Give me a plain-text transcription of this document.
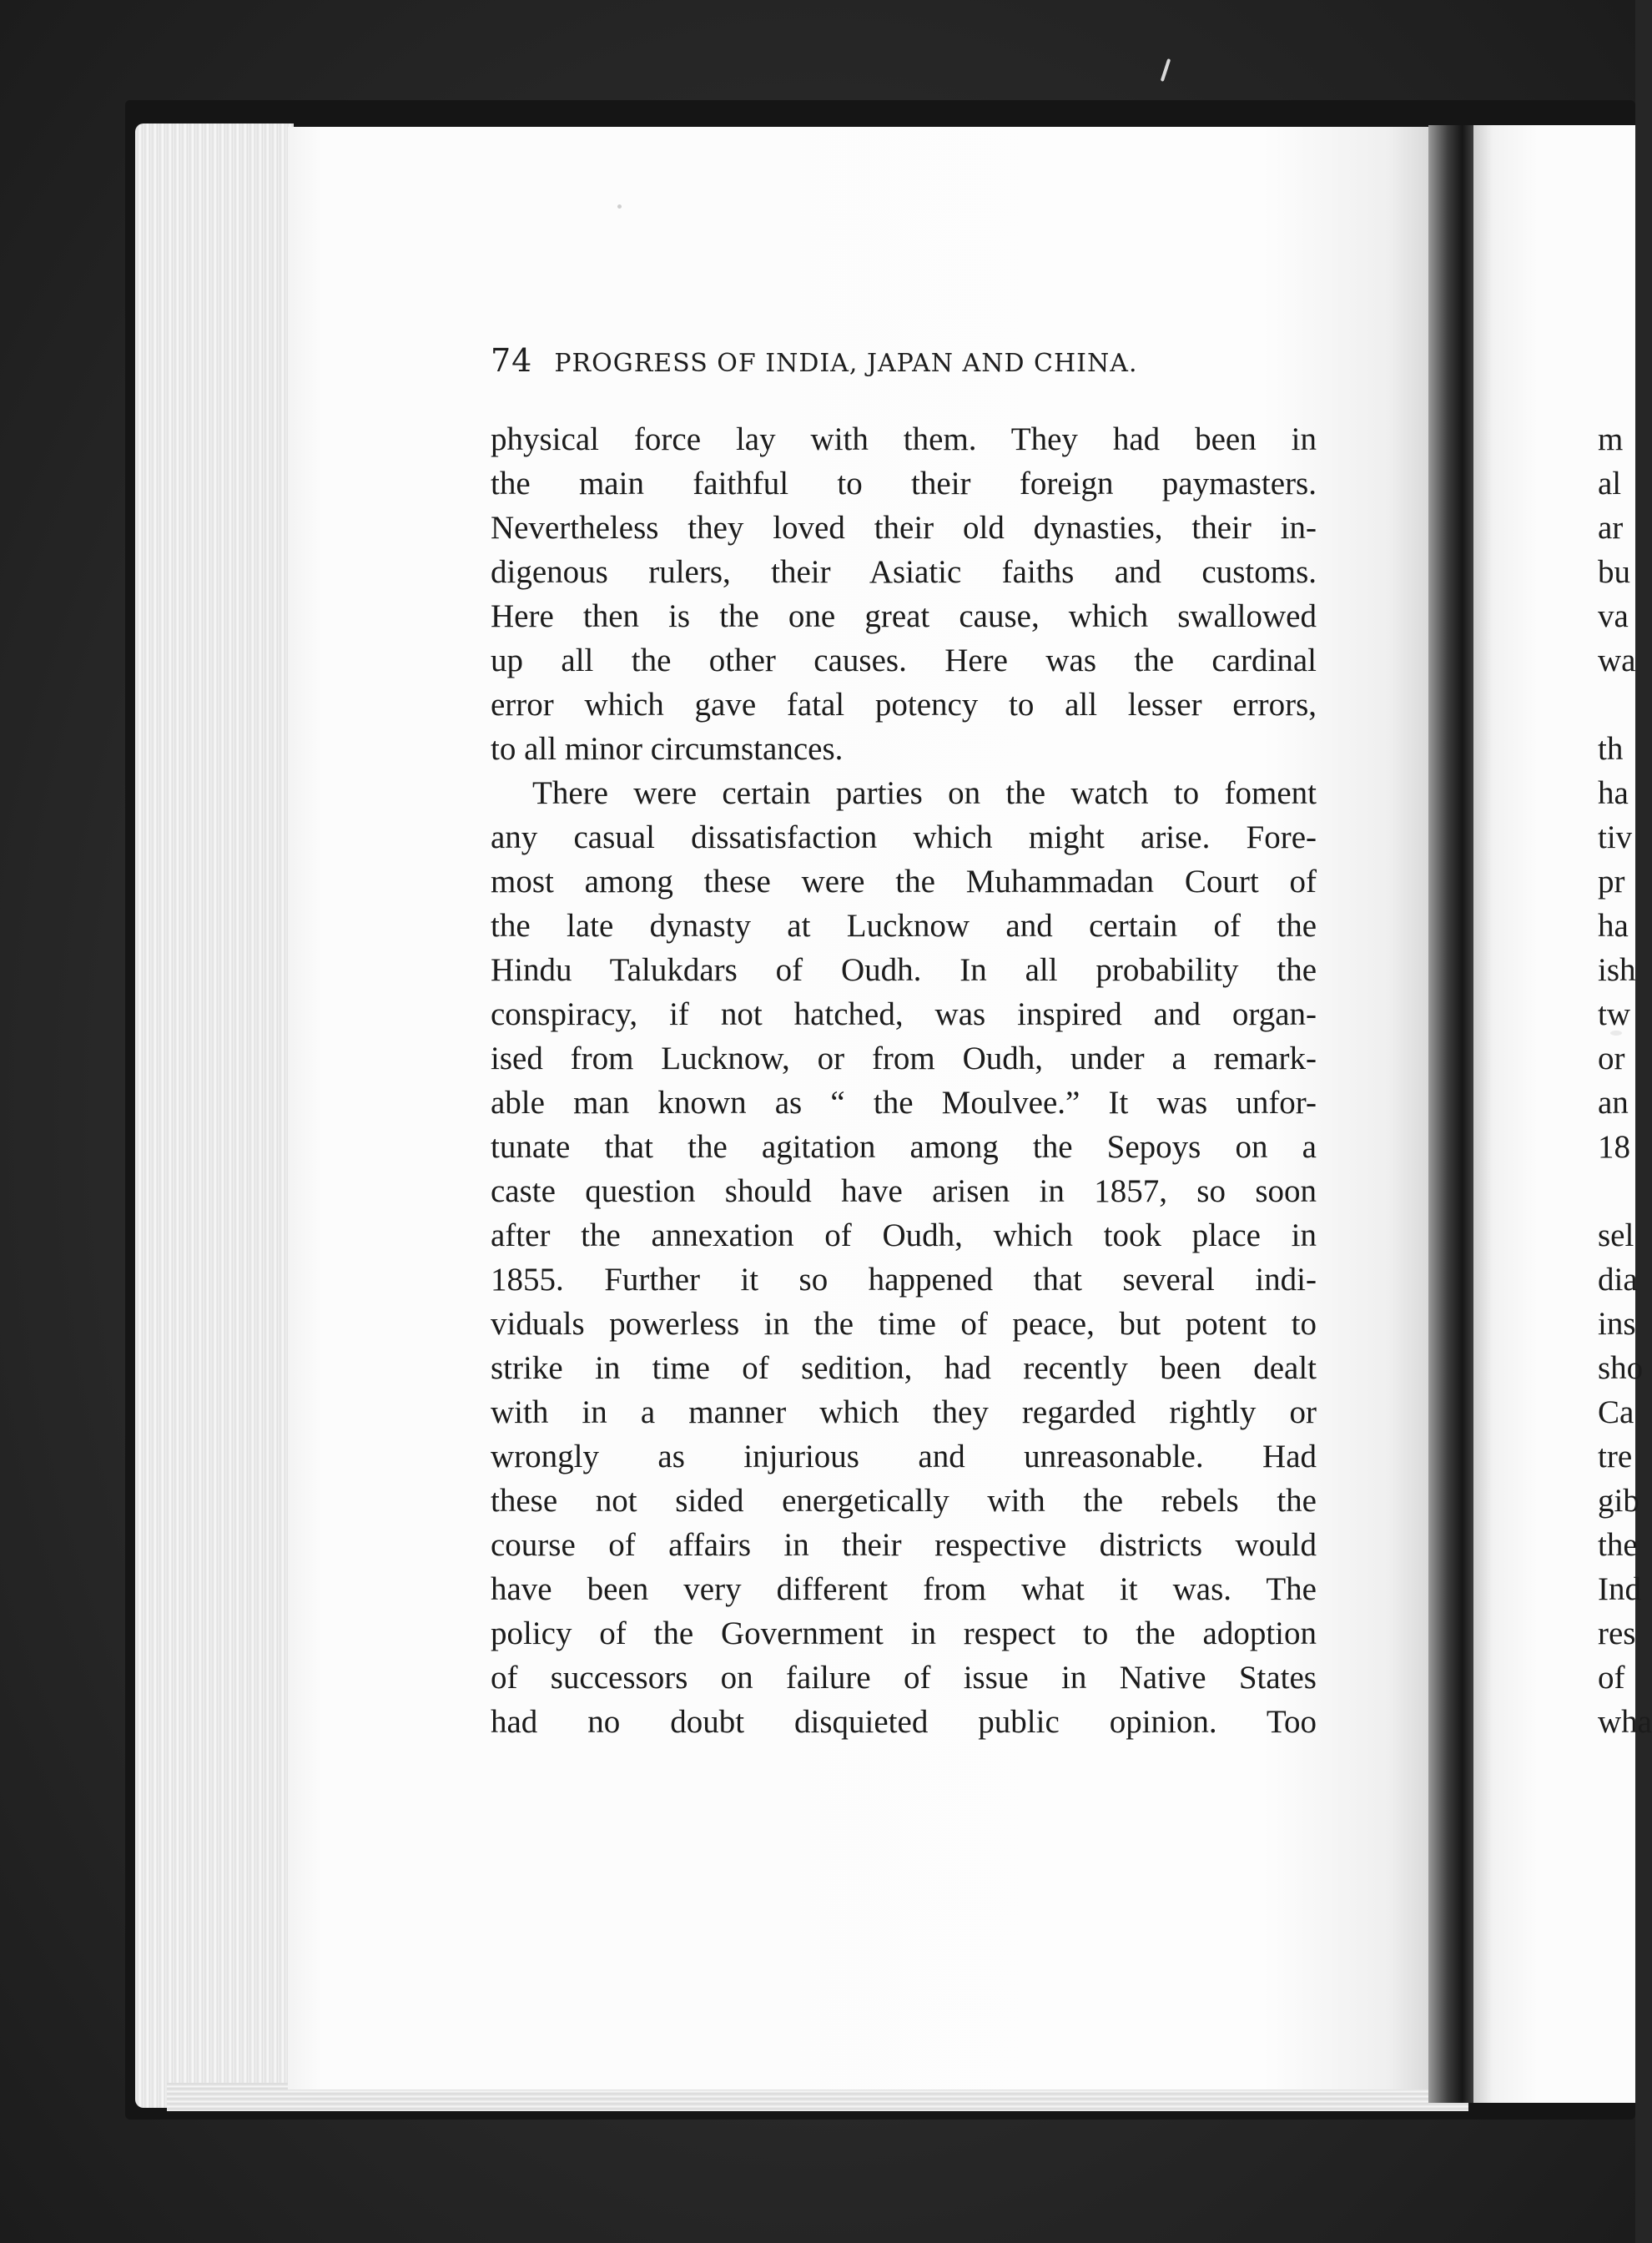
74 PROGRESS OF INDIA, JAPAN AND CHINA.
physical force lay with them. They had been in
the main faithful to their foreign paymasters.
Nevertheless they loved their old dynasties, their in-
digenous rulers, their Asiatic faiths and customs.
Here then is the one great cause, which swallowed
up all the other causes. Here was the cardinal
error which gave fatal potency to all lesser errors,
to all minor circumstances.
There were certain parties on the watch to foment
any casual dissatisfaction which might arise. Fore-
most among these were the Muhammadan Court of
the late dynasty at Lucknow and certain of the
Hindu Talukdars of Oudh. In all probability the
conspiracy, if not hatched, was inspired and organ-
ised from Lucknow, or from Oudh, under a remark-
able man known as “ the Moulvee.” It was unfor-
tunate that the agitation among the Sepoys on a
caste question should have arisen in 1857, so soon
after the annexation of Oudh, which took place in
1855. Further it so happened that several indi-
viduals powerless in the time of peace, but potent to
strike in time of sedition, had recently been dealt
with in a manner which they regarded rightly or
wrongly as injurious and unreasonable. Had
these not sided energetically with the rebels the
course of affairs in their respective districts would
have been very different from what it was. The
policy of the Government in respect to the adoption
of successors on failure of issue in Native States
had no doubt disquieted public opinion. Too
m
al
ar
bu
va
wa
th
ha
tiv
pr
ha
ish
tw
or
an
18
sel
dia
ins
sho
Ca
tre
gib
the
Ind
res
of
wha
